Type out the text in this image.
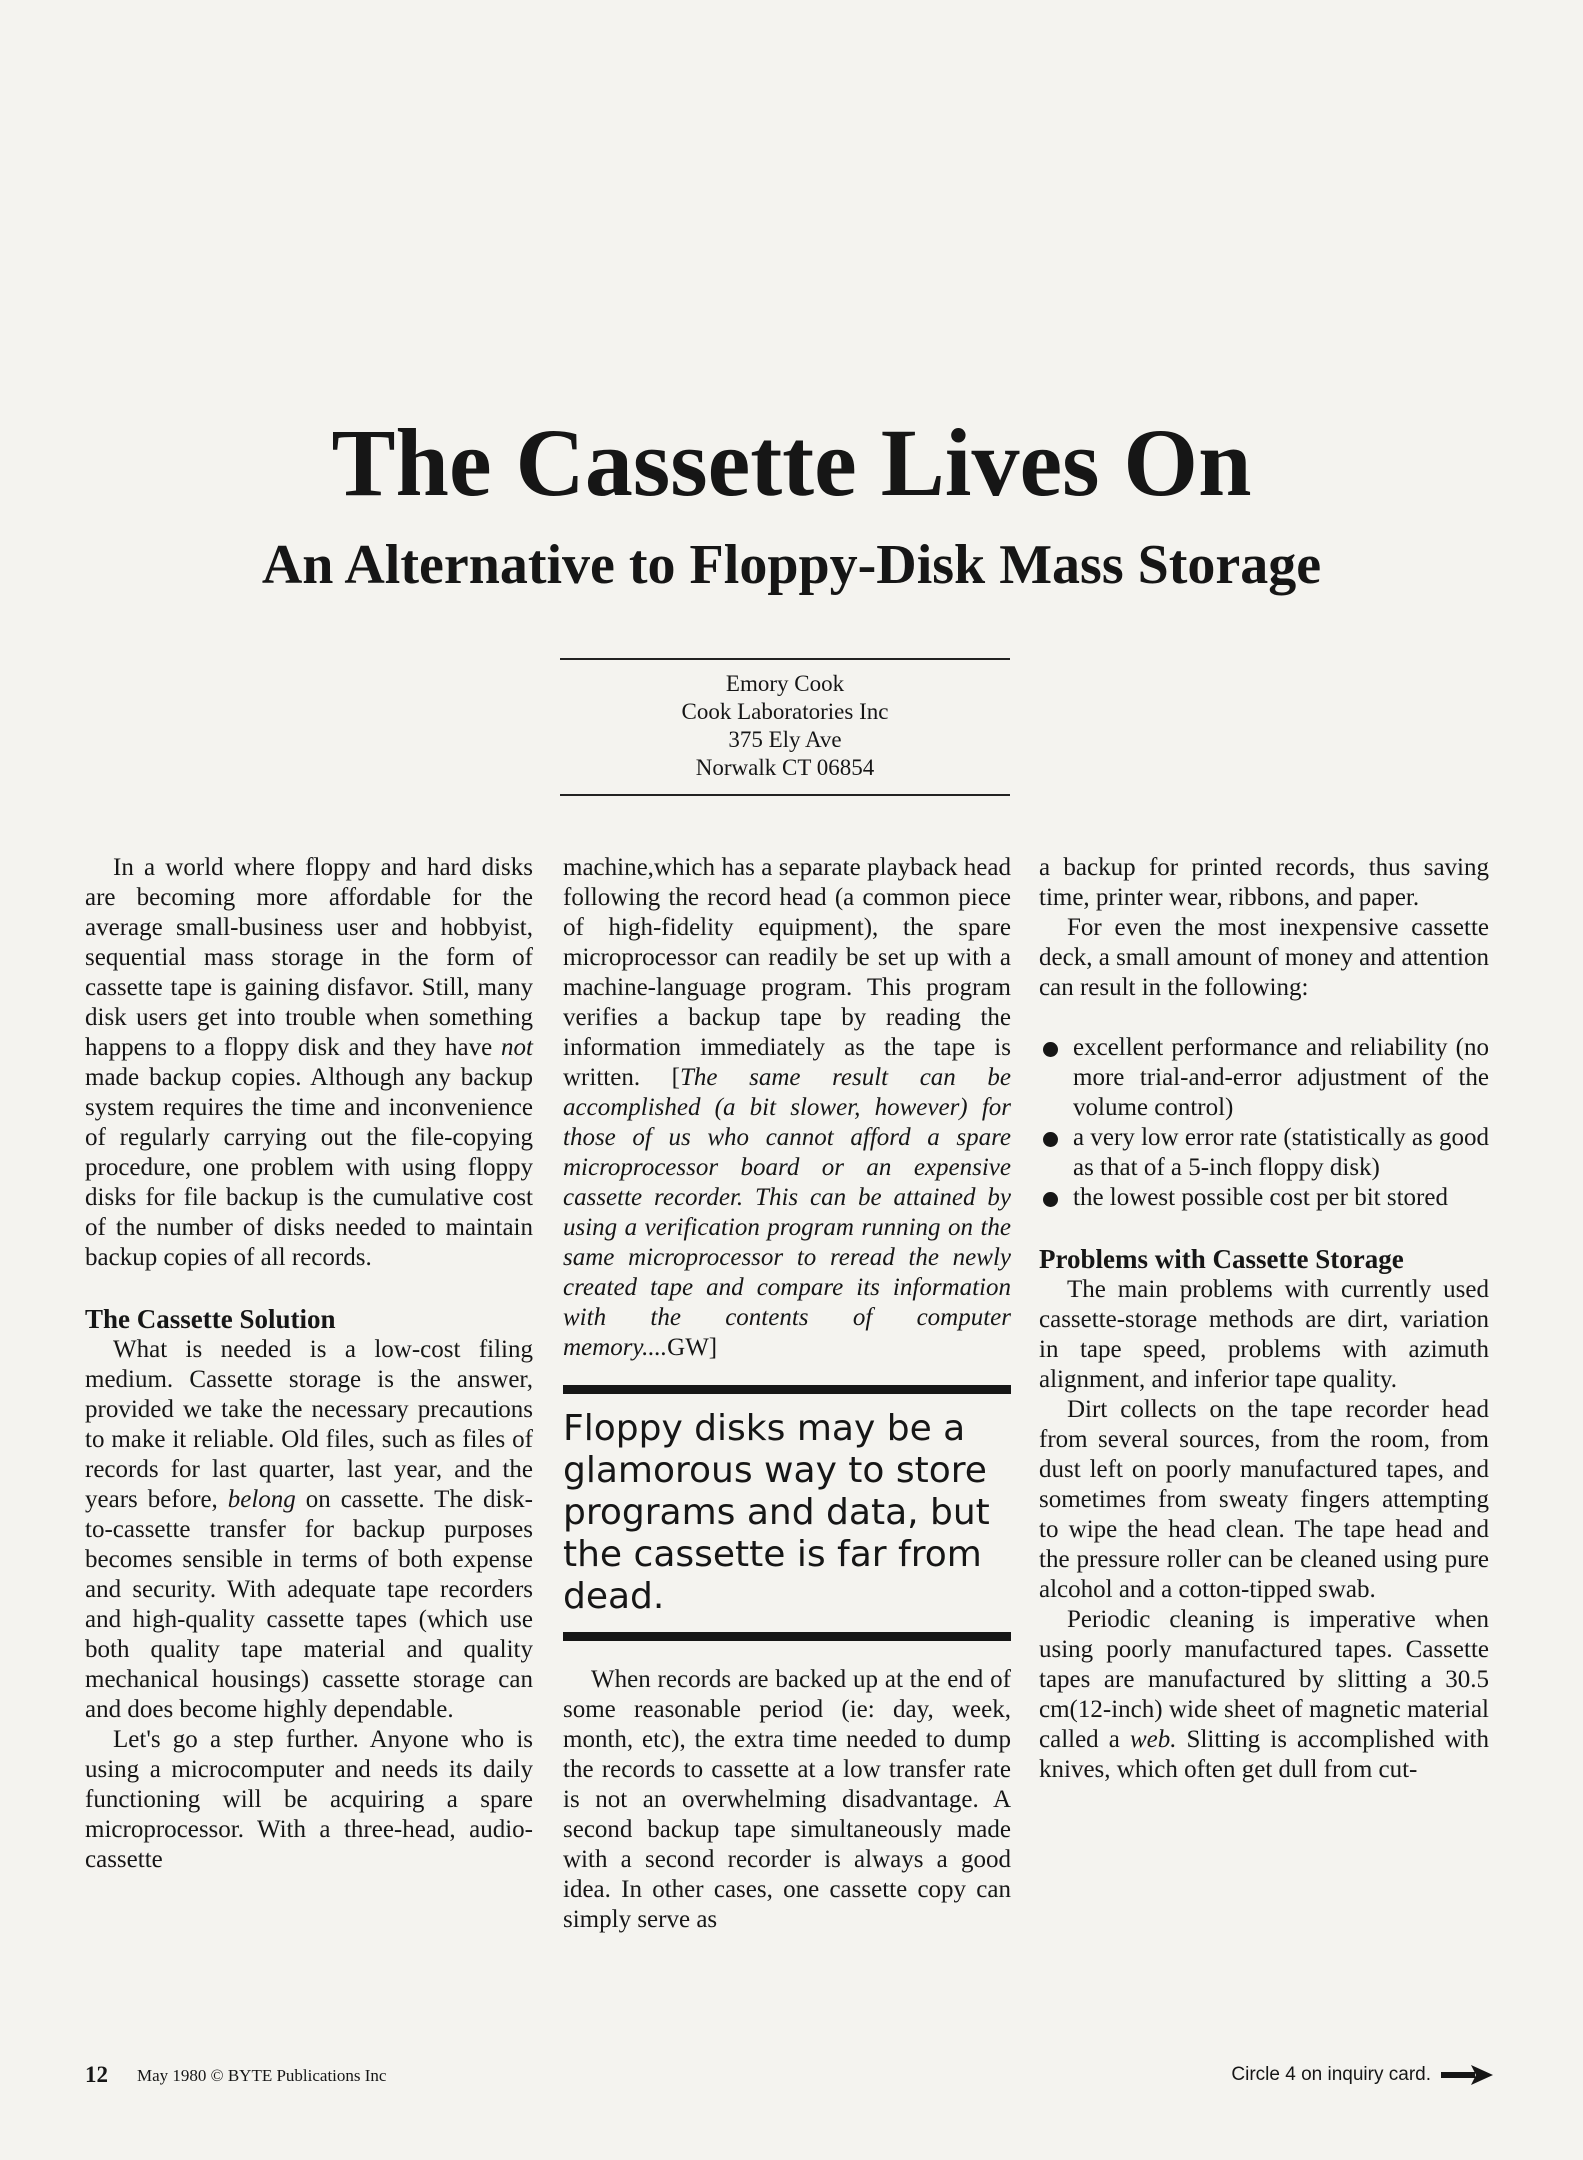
The Cassette Lives On
An Alternative to Floppy-Disk Mass Storage
Emory Cook
Cook Laboratories Inc
375 Ely Ave
Norwalk CT 06854

In a world where floppy and hard disks are becoming more affordable for the average small-business user and hobbyist, sequential mass storage in the form of cassette tape is gaining disfavor. Still, many disk users get into trouble when something happens to a floppy disk and they have not made backup copies. Although any backup system requires the time and inconvenience of regularly carrying out the file-copying procedure, one problem with using floppy disks for file backup is the cumulative cost of the number of disks needed to maintain backup copies of all records.

The Cassette Solution

What is needed is a low-cost filing medium. Cassette storage is the answer, provided we take the necessary precautions to make it reliable. Old files, such as files of records for last quarter, last year, and the years before, belong on cassette. The disk-to-cassette transfer for backup purposes becomes sensible in terms of both expense and security. With adequate tape recorders and high-quality cassette tapes (which use both quality tape material and quality mechanical housings) cassette storage can and does become highly dependable.

Let's go a step further. Anyone who is using a microcomputer and needs its daily functioning will be acquiring a spare microprocessor. With a three-head, audio-cassette

machine,which has a separate playback head following the record head (a common piece of high-fidelity equipment), the spare microprocessor can readily be set up with a machine-language program. This program verifies a backup tape by reading the information immediately as the tape is written. [The same result can be accomplished (a bit slower, however) for those of us who cannot afford a spare microprocessor board or an expensive cassette recorder. This can be attained by using a verification program running on the same microprocessor to reread the newly created tape and compare its information with the contents of computer memory....GW]

Floppy disks may be a glamorous way to store programs and data, but the cassette is far from dead.

When records are backed up at the end of some reasonable period (ie: day, week, month, etc), the extra time needed to dump the records to cassette at a low transfer rate is not an overwhelming disadvantage. A second backup tape simultaneously made with a second recorder is always a good idea. In other cases, one cassette copy can simply serve as

a backup for printed records, thus saving time, printer wear, ribbons, and paper.

For even the most inexpensive cassette deck, a small amount of money and attention can result in the following:

excellent performance and reliability (no more trial-and-error adjustment of the volume control)
a very low error rate (statistically as good as that of a 5-inch floppy disk)
the lowest possible cost per bit stored
Problems with Cassette Storage

The main problems with currently used cassette-storage methods are dirt, variation in tape speed, problems with azimuth alignment, and inferior tape quality.

Dirt collects on the tape recorder head from several sources, from the room, from dust left on poorly manufactured tapes, and sometimes from sweaty fingers attempting to wipe the head clean. The tape head and the pressure roller can be cleaned using pure alcohol and a cotton-tipped swab.

Periodic cleaning is imperative when using poorly manufactured tapes. Cassette tapes are manufactured by slitting a 30.5 cm(12-inch) wide sheet of magnetic material called a web. Slitting is accomplished with knives, which often get dull from cut-

12 May 1980 © BYTE Publications Inc	Circle 4 on inquiry card.
